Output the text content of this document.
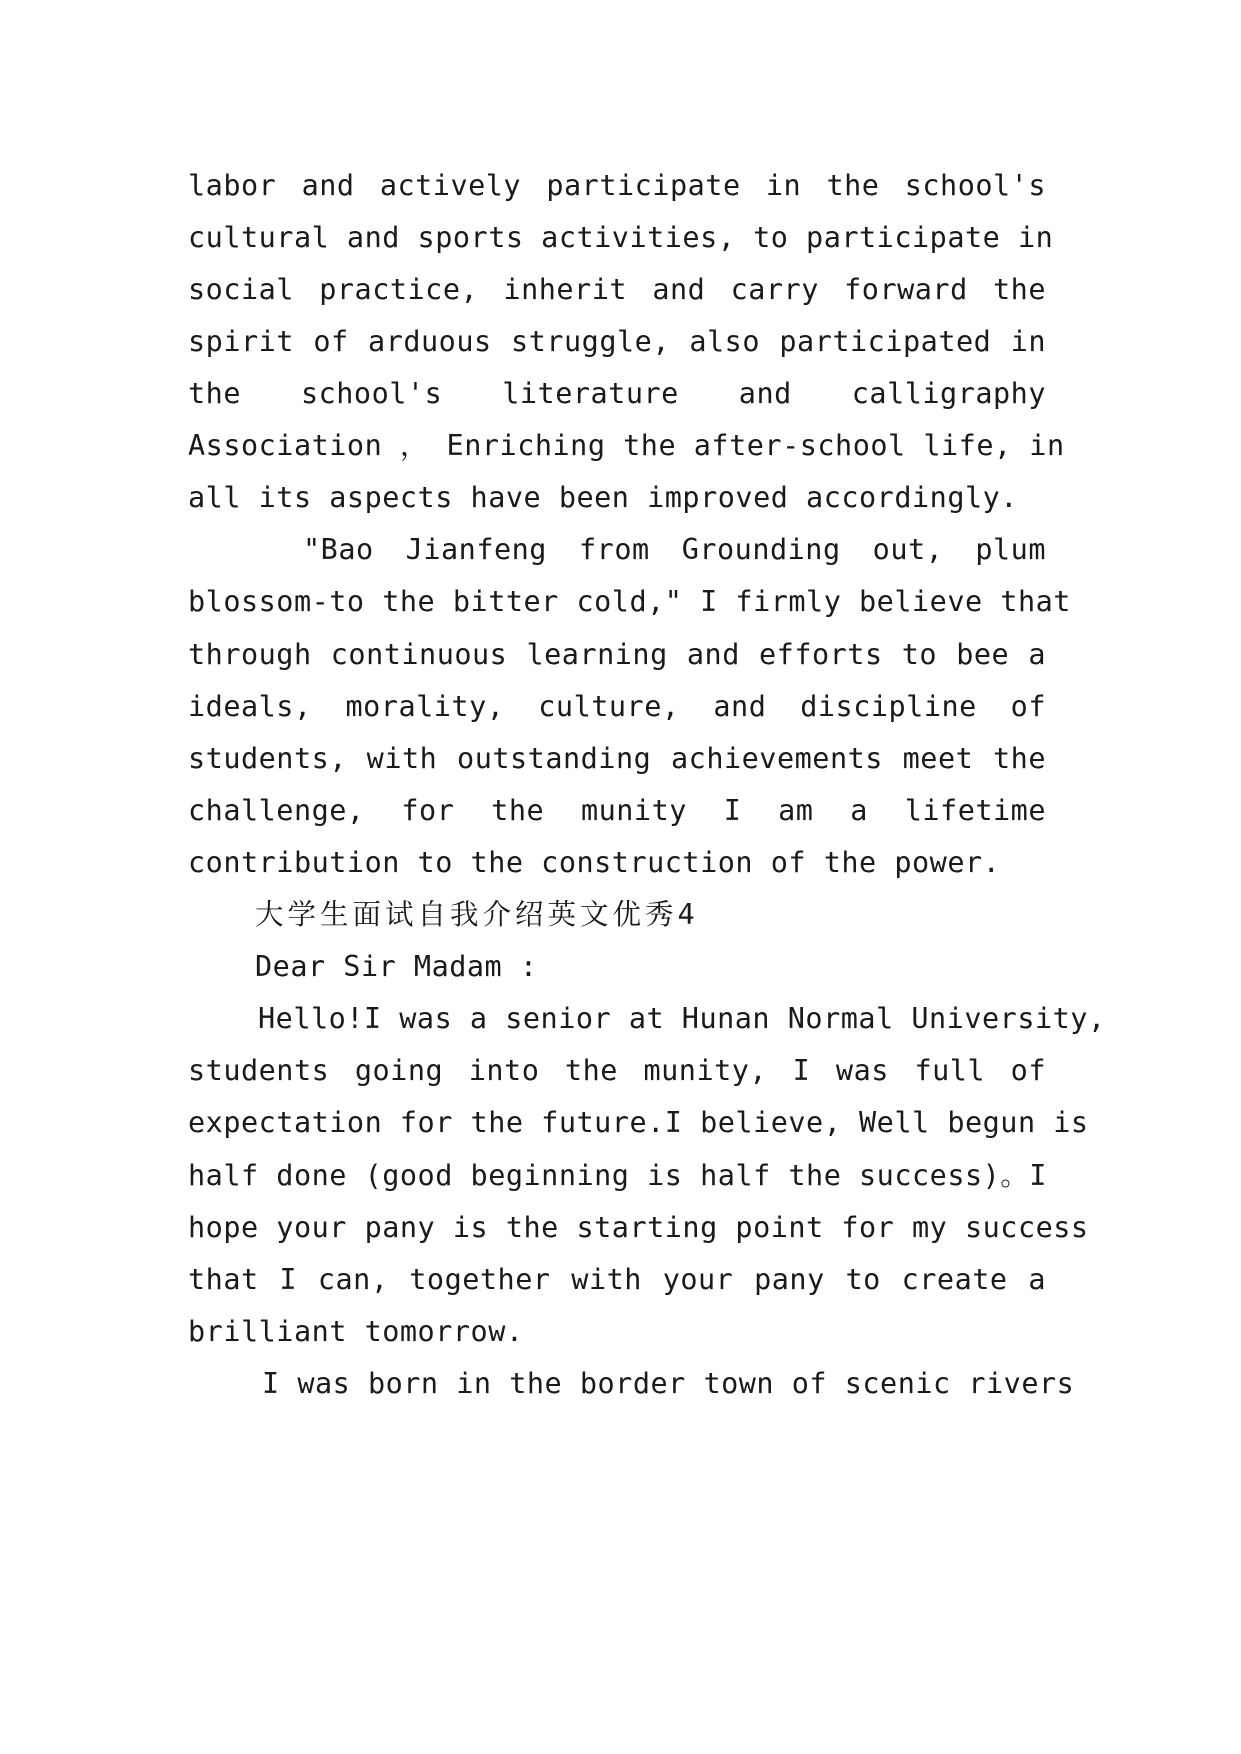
labor and actively participate in the school's
cultural and sports activities, to participate in
social practice, inherit and carry forward the
spirit of arduous struggle, also participated in
the school's literature and calligraphy
Association ， Enriching the after-school life, in
all its aspects have been improved accordingly.
"Bao Jianfeng from Grounding out, plum
blossom-to the bitter cold," I firmly believe that
through continuous learning and efforts to bee a
ideals, morality, culture, and discipline of
students, with outstanding achievements meet the
challenge, for the munity I am a lifetime
contribution to the construction of the power.
大学生面试自我介绍英文优秀4
Dear Sir Madam :
Hello!I was a senior at Hunan Normal University,
students going into the munity, I was full of
expectation for the future.I believe, Well begun is
half done (good beginning is half the success)。I
hope your pany is the starting point for my success
that I can, together with your pany to create a
brilliant tomorrow.
I was born in the border town of scenic rivers
